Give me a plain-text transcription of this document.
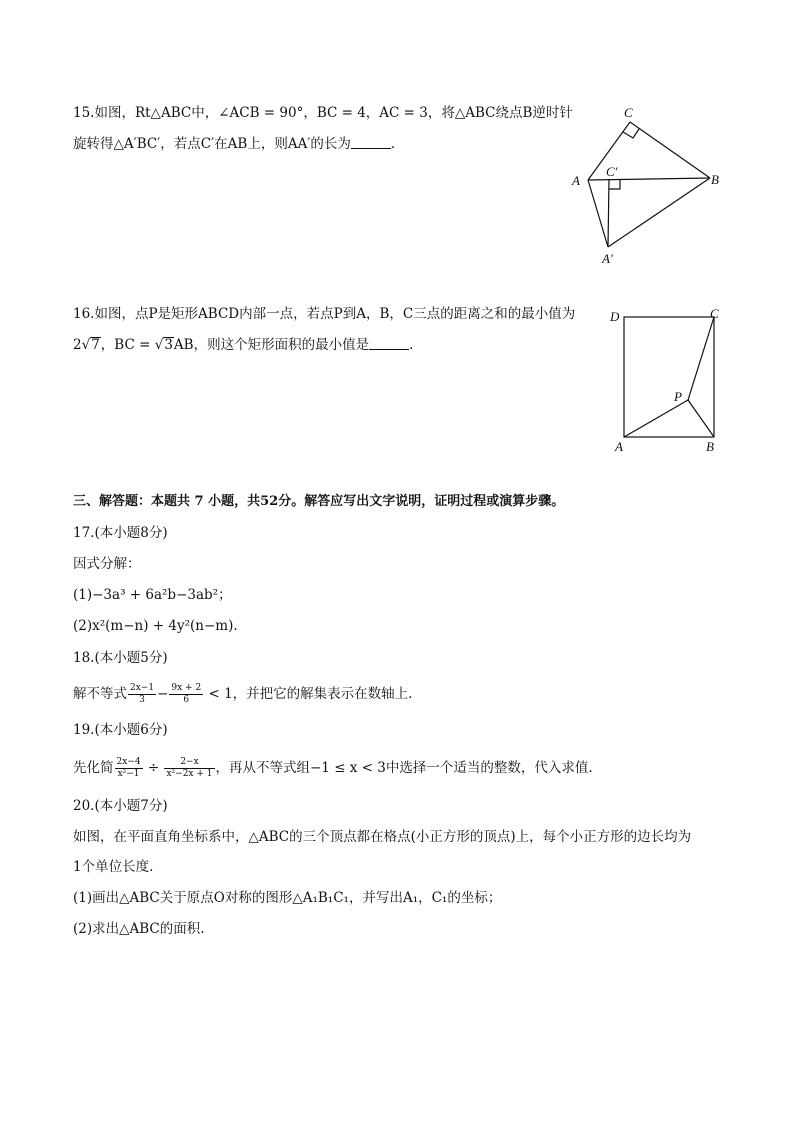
15.如图，Rt△ABC中，∠ACB = 90°，BC = 4，AC = 3，将△ABC绕点B逆时针
旋转得△A′BC′，若点C′在AB上，则AA′的长为	.
C
C′
A	B
A′
16.如图，点P是矩形ABCD内部一点，若点P到A，B，C三点的距离之和的最小值为
2√7，BC = √3AB，则这个矩形面积的最小值是	.
D	C
P
A	B
三、解答题：本题共 7 小题，共52分。解答应写出文字说明，证明过程或演算步骤。
17.(本小题8分)
因式分解：
(1)−3a³ + 6a²b−3ab²；
(2)x²(m−n) + 4y²(n−m).
18.(本小题5分)
解不等式 $\frac{2x-1}{3} - \frac{9x + 2}{6} < 1$，并把它的解集表示在数轴上.
19.(本小题6分)
先化简 $\frac{2x-4}{\text{x²−1}} \div \frac{2-x}{\text{x²−2x + 1}}$ ，再从不等式组−1 ≤ x < 3中选择一个适当的整数，代入求值.
20.(本小题7分)
如图，在平面直角坐标系中，△ABC的三个顶点都在格点(小正方形的顶点)上，每个小正方形的边长均为
1个单位长度.
(1)画出△ABC关于原点O对称的图形△A₁B₁C₁，并写出A₁，C₁的坐标；
(2)求出△ABC的面积.
